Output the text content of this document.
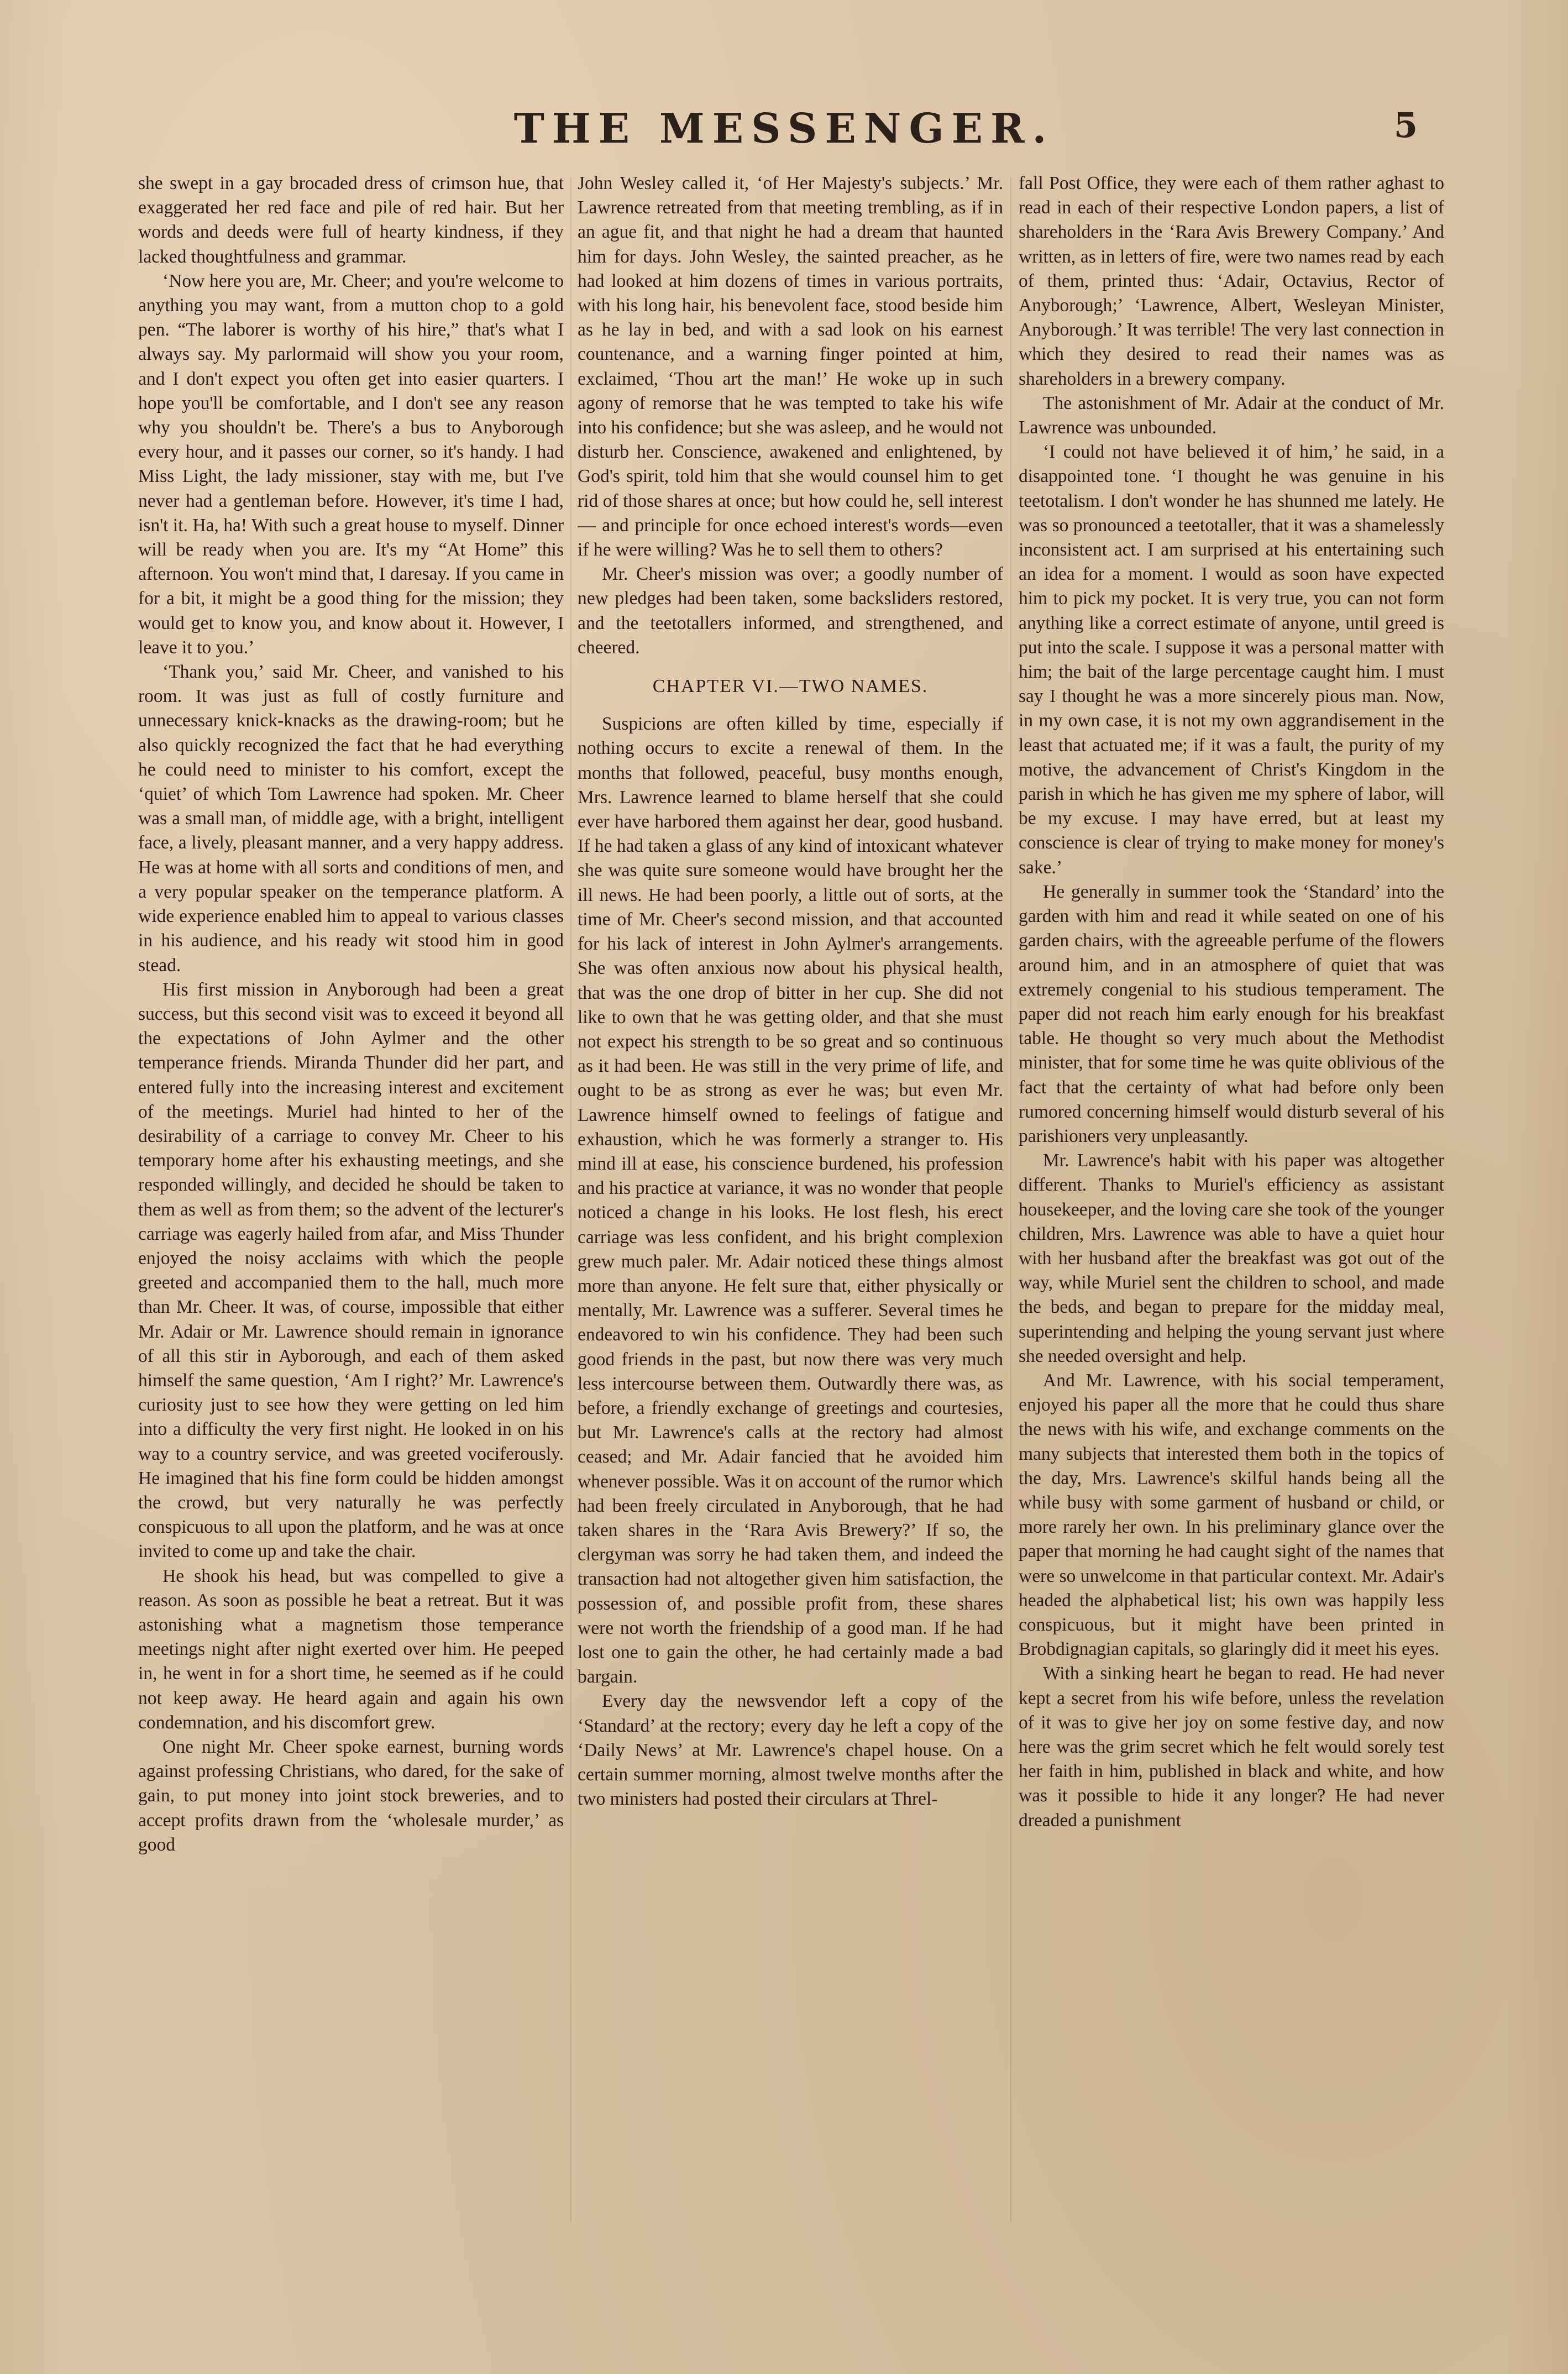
THE MESSENGER.	5

she swept in a gay brocaded dress of crimson hue, that exaggerated her red face and pile of red hair. But her words and deeds were full of hearty kindness, if they lacked thoughtfulness and grammar.

‘Now here you are, Mr. Cheer; and you're welcome to anything you may want, from a mutton chop to a gold pen. “The laborer is worthy of his hire,” that's what I always say. My parlormaid will show you your room, and I don't expect you often get into easier quarters. I hope you'll be comfortable, and I don't see any reason why you shouldn't be. There's a bus to Anyborough every hour, and it passes our corner, so it's handy. I had Miss Light, the lady missioner, stay with me, but I've never had a gentleman before. However, it's time I had, isn't it. Ha, ha! With such a great house to myself. Dinner will be ready when you are. It's my “At Home” this afternoon. You won't mind that, I daresay. If you came in for a bit, it might be a good thing for the mission; they would get to know you, and know about it. However, I leave it to you.’

‘Thank you,’ said Mr. Cheer, and vanished to his room. It was just as full of costly furniture and unnecessary knick-knacks as the drawing-room; but he also quickly recognized the fact that he had everything he could need to minister to his comfort, except the ‘quiet’ of which Tom Lawrence had spoken. Mr. Cheer was a small man, of middle age, with a bright, intelligent face, a lively, pleasant manner, and a very happy address. He was at home with all sorts and conditions of men, and a very popular speaker on the temperance platform. A wide experience enabled him to appeal to various classes in his audience, and his ready wit stood him in good stead.

His first mission in Anyborough had been a great success, but this second visit was to exceed it beyond all the expectations of John Aylmer and the other temperance friends. Miranda Thunder did her part, and entered fully into the increasing interest and excitement of the meetings. Muriel had hinted to her of the desirability of a carriage to convey Mr. Cheer to his temporary home after his exhausting meetings, and she responded willingly, and decided he should be taken to them as well as from them; so the advent of the lecturer's carriage was eagerly hailed from afar, and Miss Thunder enjoyed the noisy acclaims with which the people greeted and accompanied them to the hall, much more than Mr. Cheer. It was, of course, impossible that either Mr. Adair or Mr. Lawrence should remain in ignorance of all this stir in Ayborough, and each of them asked himself the same question, ‘Am I right?’ Mr. Lawrence's curiosity just to see how they were getting on led him into a difficulty the very first night. He looked in on his way to a country service, and was greeted vociferously. He imagined that his fine form could be hidden amongst the crowd, but very naturally he was perfectly conspicuous to all upon the platform, and he was at once invited to come up and take the chair.

He shook his head, but was compelled to give a reason. As soon as possible he beat a retreat. But it was astonishing what a magnetism those temperance meetings night after night exerted over him. He peeped in, he went in for a short time, he seemed as if he could not keep away. He heard again and again his own condemnation, and his discomfort grew.

One night Mr. Cheer spoke earnest, burning words against professing Christians, who dared, for the sake of gain, to put money into joint stock breweries, and to accept profits drawn from the ‘wholesale murder,’ as good

John Wesley called it, ‘of Her Majesty's subjects.’ Mr. Lawrence retreated from that meeting trembling, as if in an ague fit, and that night he had a dream that haunted him for days. John Wesley, the sainted preacher, as he had looked at him dozens of times in various portraits, with his long hair, his benevolent face, stood beside him as he lay in bed, and with a sad look on his earnest countenance, and a warning finger pointed at him, exclaimed, ‘Thou art the man!’ He woke up in such agony of remorse that he was tempted to take his wife into his confidence; but she was asleep, and he would not disturb her. Conscience, awakened and enlightened, by God's spirit, told him that she would counsel him to get rid of those shares at once; but how could he, sell interest— and principle for once echoed interest's words—even if he were willing? Was he to sell them to others?

Mr. Cheer's mission was over; a goodly number of new pledges had been taken, some backsliders restored, and the teetotallers informed, and strengthened, and cheered.

CHAPTER VI.—TWO NAMES.

Suspicions are often killed by time, especially if nothing occurs to excite a renewal of them. In the months that followed, peaceful, busy months enough, Mrs. Lawrence learned to blame herself that she could ever have harbored them against her dear, good husband. If he had taken a glass of any kind of intoxicant whatever she was quite sure someone would have brought her the ill news. He had been poorly, a little out of sorts, at the time of Mr. Cheer's second mission, and that accounted for his lack of interest in John Aylmer's arrangements. She was often anxious now about his physical health, that was the one drop of bitter in her cup. She did not like to own that he was getting older, and that she must not expect his strength to be so great and so continuous as it had been. He was still in the very prime of life, and ought to be as strong as ever he was; but even Mr. Lawrence himself owned to feelings of fatigue and exhaustion, which he was formerly a stranger to. His mind ill at ease, his conscience burdened, his profession and his practice at variance, it was no wonder that people noticed a change in his looks. He lost flesh, his erect carriage was less confident, and his bright complexion grew much paler. Mr. Adair noticed these things almost more than anyone. He felt sure that, either physically or mentally, Mr. Lawrence was a sufferer. Several times he endeavored to win his confidence. They had been such good friends in the past, but now there was very much less intercourse between them. Outwardly there was, as before, a friendly exchange of greetings and courtesies, but Mr. Lawrence's calls at the rectory had almost ceased; and Mr. Adair fancied that he avoided him whenever possible. Was it on account of the rumor which had been freely circulated in Anyborough, that he had taken shares in the ‘Rara Avis Brewery?’ If so, the clergyman was sorry he had taken them, and indeed the transaction had not altogether given him satisfaction, the possession of, and possible profit from, these shares were not worth the friendship of a good man. If he had lost one to gain the other, he had certainly made a bad bargain.

Every day the newsvendor left a copy of the ‘Standard’ at the rectory; every day he left a copy of the ‘Daily News’ at Mr. Lawrence's chapel house. On a certain summer morning, almost twelve months after the two ministers had posted their circulars at Threl-

fall Post Office, they were each of them rather aghast to read in each of their respective London papers, a list of shareholders in the ‘Rara Avis Brewery Company.’ And written, as in letters of fire, were two names read by each of them, printed thus: ‘Adair, Octavius, Rector of Anyborough;’ ‘Lawrence, Albert, Wesleyan Minister, Anyborough.’ It was terrible! The very last connection in which they desired to read their names was as shareholders in a brewery company.

The astonishment of Mr. Adair at the conduct of Mr. Lawrence was unbounded.

‘I could not have believed it of him,’ he said, in a disappointed tone. ‘I thought he was genuine in his teetotalism. I don't wonder he has shunned me lately. He was so pronounced a teetotaller, that it was a shamelessly inconsistent act. I am surprised at his entertaining such an idea for a moment. I would as soon have expected him to pick my pocket. It is very true, you can not form anything like a correct estimate of anyone, until greed is put into the scale. I suppose it was a personal matter with him; the bait of the large percentage caught him. I must say I thought he was a more sincerely pious man. Now, in my own case, it is not my own aggrandisement in the least that actuated me; if it was a fault, the purity of my motive, the advancement of Christ's Kingdom in the parish in which he has given me my sphere of labor, will be my excuse. I may have erred, but at least my conscience is clear of trying to make money for money's sake.’

He generally in summer took the ‘Standard’ into the garden with him and read it while seated on one of his garden chairs, with the agreeable perfume of the flowers around him, and in an atmosphere of quiet that was extremely congenial to his studious temperament. The paper did not reach him early enough for his breakfast table. He thought so very much about the Methodist minister, that for some time he was quite oblivious of the fact that the certainty of what had before only been rumored concerning himself would disturb several of his parishioners very unpleasantly.

Mr. Lawrence's habit with his paper was altogether different. Thanks to Muriel's efficiency as assistant housekeeper, and the loving care she took of the younger children, Mrs. Lawrence was able to have a quiet hour with her husband after the breakfast was got out of the way, while Muriel sent the children to school, and made the beds, and began to prepare for the midday meal, superintending and helping the young servant just where she needed oversight and help.

And Mr. Lawrence, with his social temperament, enjoyed his paper all the more that he could thus share the news with his wife, and exchange comments on the many subjects that interested them both in the topics of the day, Mrs. Lawrence's skilful hands being all the while busy with some garment of husband or child, or more rarely her own. In his preliminary glance over the paper that morning he had caught sight of the names that were so unwelcome in that particular context. Mr. Adair's headed the alphabetical list; his own was happily less conspicuous, but it might have been printed in Brobdignagian capitals, so glaringly did it meet his eyes.

With a sinking heart he began to read. He had never kept a secret from his wife before, unless the revelation of it was to give her joy on some festive day, and now here was the grim secret which he felt would sorely test her faith in him, published in black and white, and how was it possible to hide it any longer? He had never dreaded a punishment
